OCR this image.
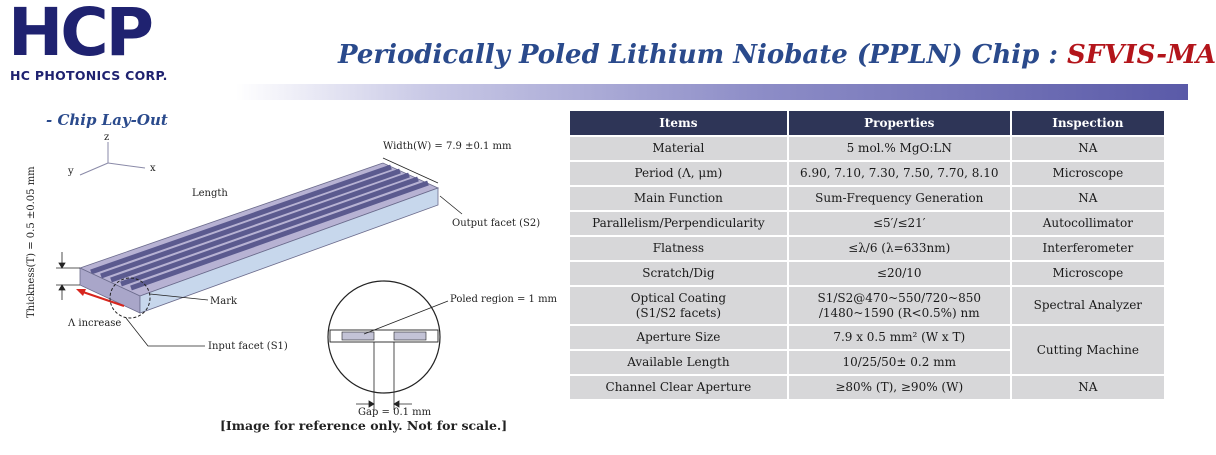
HCP
HC PHOTONICS CORP.
Periodically Poled Lithium Niobate (PPLN) Chip : SFVIS-MA
- Chip Lay-Out
z
y	x
Width(W) = 7.9 ±0.1 mm
Length
Output facet (S2)
Thickness(T) = 0.5 ±0.05 mm
Λ increase
Mark
Input facet (S1)
Poled region = 1 mm
Gap = 0.1 mm
[Image for reference only. Not for scale.]
Items	Properties	Inspection
Material	5 mol.% MgO:LN	NA
Period (Λ, μm)	6.90, 7.10, 7.30, 7.50, 7.70, 8.10	Microscope
Main Function	Sum-Frequency Generation	NA
Parallelism/Perpendicularity	≤5′/≤21′	Autocollimator
Flatness	≤λ/6 (λ=633nm)	Interferometer
Scratch/Dig	≤20/10	Microscope
Optical Coating
(S1/S2 facets)	S1/S2@470~550/720~850
/1480~1590 (R<0.5%) nm	Spectral Analyzer
Aperture Size	7.9 x 0.5 mm² (W x T)	Cutting Machine
Available Length	10/25/50± 0.2 mm	
Channel Clear Aperture	≥80% (T), ≥90% (W)	NA
